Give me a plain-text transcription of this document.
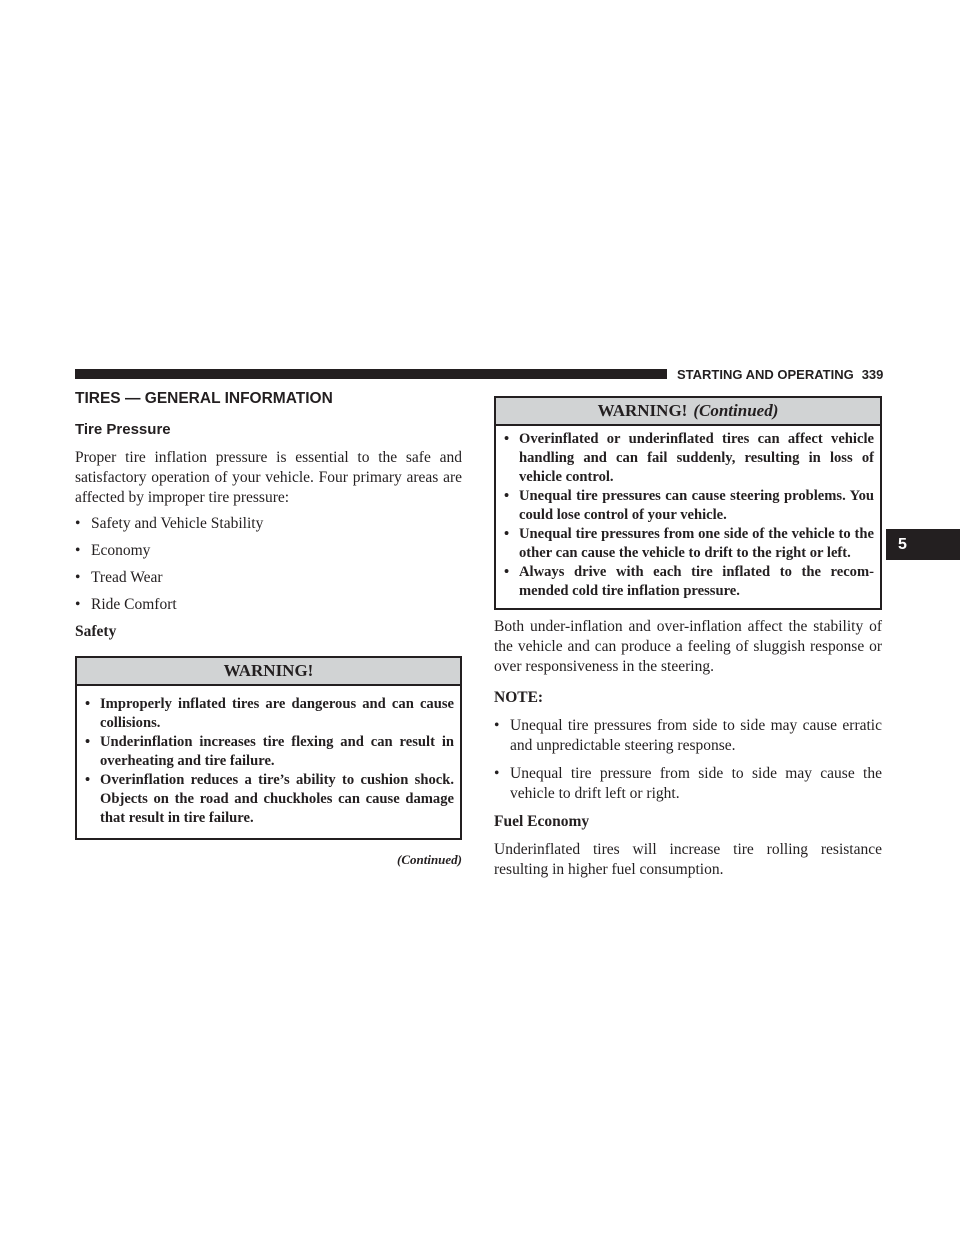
STARTING AND OPERATING 339
5
TIRES — GENERAL INFORMATION
Tire Pressure

Proper tire inflation pressure is essential to the safe and satisfactory operation of your vehicle. Four primary areas are affected by improper tire pressure:

• Safety and Vehicle Stability
• Economy
• Tread Wear
• Ride Comfort
Safety
WARNING!
• Improperly inflated tires are dangerous and can cause collisions.
• Underinflation increases tire flexing and can result in overheating and tire failure.
• Overinflation reduces a tire’s ability to cushion shock. Objects on the road and chuckholes can cause damage that result in tire failure.
(Continued)
WARNING! (Continued)
• Overinflated or underinflated tires can affect vehicle handling and can fail suddenly, resulting in loss of vehicle control.
• Unequal tire pressures can cause steering problems. You could lose control of your vehicle.
• Unequal tire pressures from one side of the vehicle to the other can cause the vehicle to drift to the right or left.
• Always drive with each tire inflated to the recom-mended cold tire inflation pressure.

Both under-inflation and over-inflation affect the stability of the vehicle and can produce a feeling of sluggish response or over responsiveness in the steering.

NOTE:
• Unequal tire pressures from side to side may cause erratic and unpredictable steering response.
• Unequal tire pressure from side to side may cause the vehicle to drift left or right.
Fuel Economy

Underinflated tires will increase tire rolling resistance resulting in higher fuel consumption.
